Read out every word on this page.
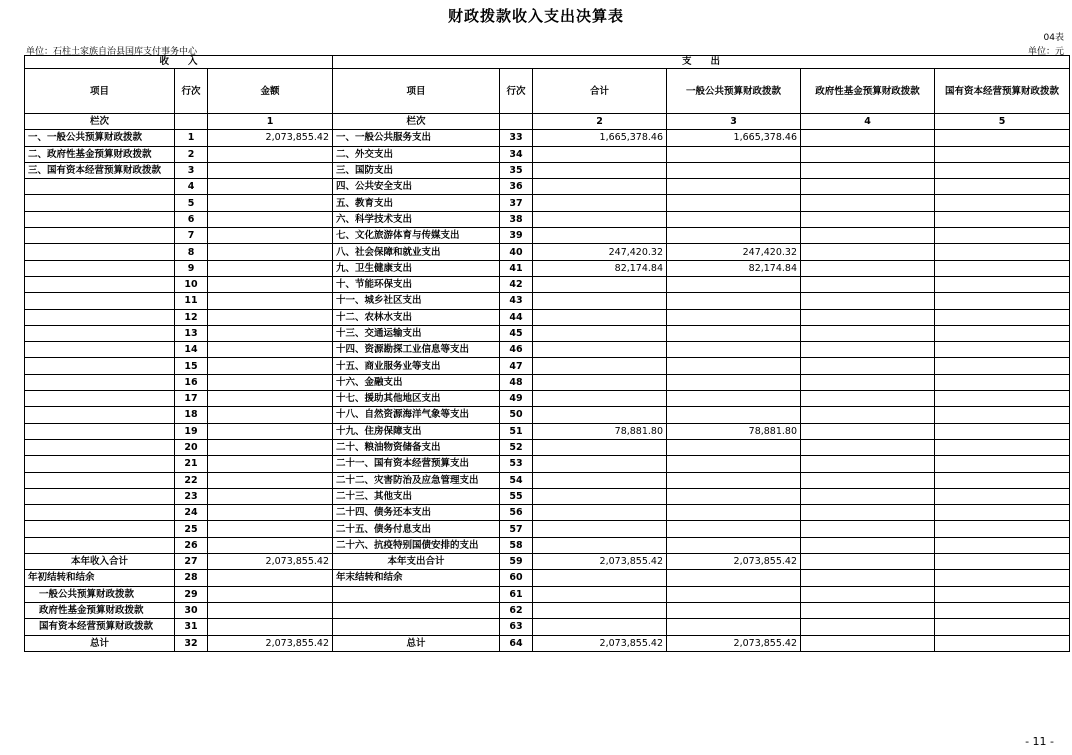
财政拨款收入支出决算表
04表
单位：石柱土家族自治县国库支付事务中心	单位：元
收　　入			支　　出					
项目	行次	金额	项目	行次	合计	一般公共预算财政拨款	政府性基金预算财政拨款	国有资本经营预算财政拨款
栏次		1	栏次		2	3	4	5
一、一般公共预算财政拨款	1	2,073,855.42	一、一般公共服务支出	33	1,665,378.46	1,665,378.46		
二、政府性基金预算财政拨款	2		二、外交支出	34				
三、国有资本经营预算财政拨款	3		三、国防支出	35				
	4		四、公共安全支出	36				
	5		五、教育支出	37				
	6		六、科学技术支出	38				
	7		七、文化旅游体育与传媒支出	39				
	8		八、社会保障和就业支出	40	247,420.32	247,420.32		
	9		九、卫生健康支出	41	82,174.84	82,174.84		
	10		十、节能环保支出	42				
	11		十一、城乡社区支出	43				
	12		十二、农林水支出	44				
	13		十三、交通运输支出	45				
	14		十四、资源勘探工业信息等支出	46				
	15		十五、商业服务业等支出	47				
	16		十六、金融支出	48				
	17		十七、援助其他地区支出	49				
	18		十八、自然资源海洋气象等支出	50				
	19		十九、住房保障支出	51	78,881.80	78,881.80		
	20		二十、粮油物资储备支出	52				
	21		二十一、国有资本经营预算支出	53				
	22		二十二、灾害防治及应急管理支出	54				
	23		二十三、其他支出	55				
	24		二十四、债务还本支出	56				
	25		二十五、债务付息支出	57				
	26		二十六、抗疫特别国债安排的支出	58				
本年收入合计	27	2,073,855.42	本年支出合计	59	2,073,855.42	2,073,855.42		
年初结转和结余	28		年末结转和结余	60				
一般公共预算财政拨款	29			61				
政府性基金预算财政拨款	30			62				
国有资本经营预算财政拨款	31			63				
总计	32	2,073,855.42	总计	64	2,073,855.42	2,073,855.42		
- 11 -
